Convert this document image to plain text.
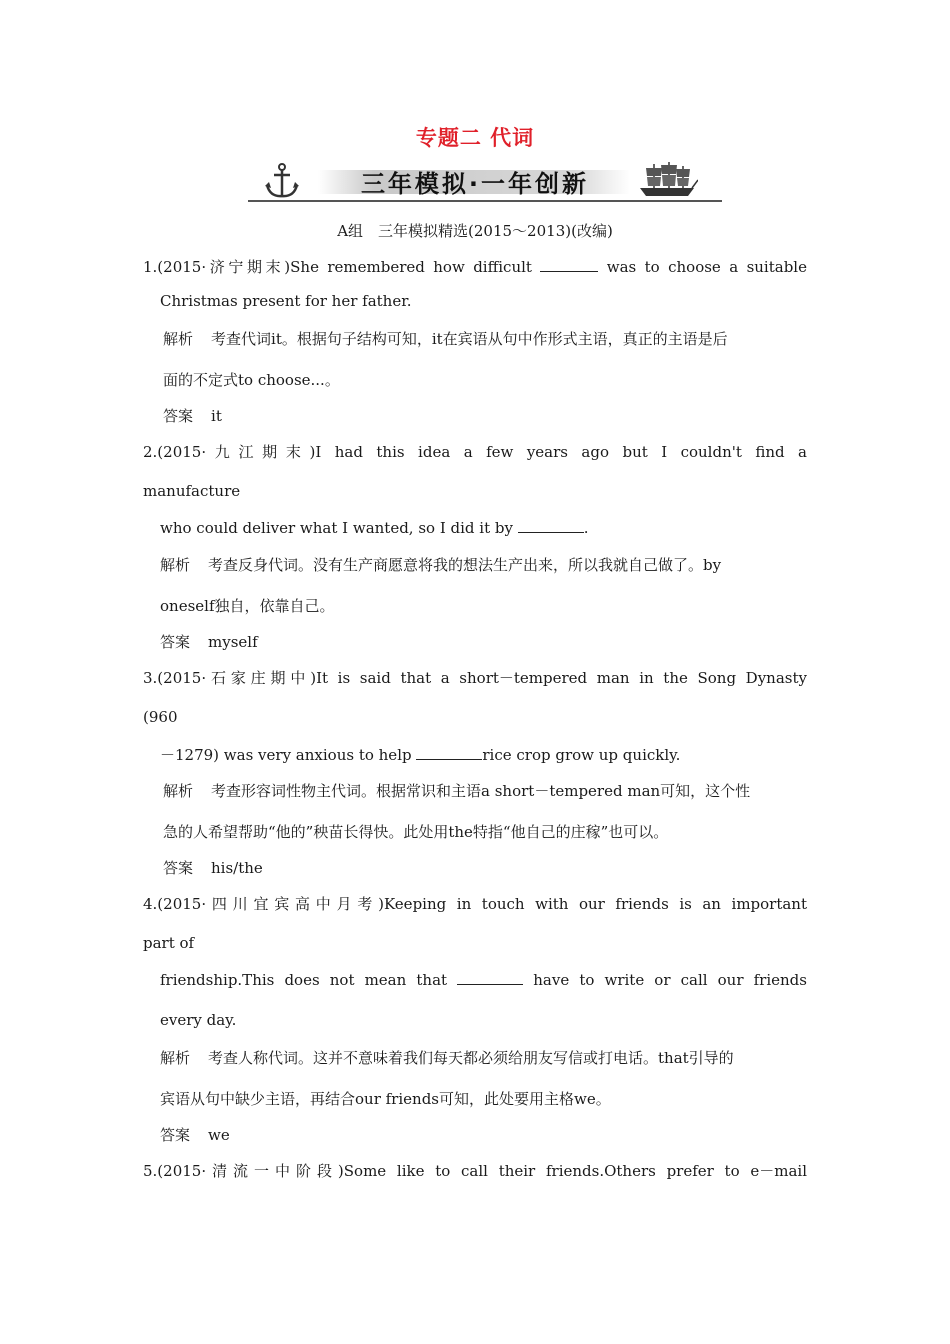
专题二 代词
三年模拟·一年创新
A组　三年模拟精选(2015～2013)(改编)
1.(2015·济宁期末)She remembered how difficult	was to choose a suitable
Christmas present for her father.
解析 考查代词it。根据句子结构可知，it在宾语从句中作形式主语，真正的主语是后
面的不定式to choose...。
答案 it
2.(2015·九江期末)I had this idea a few years ago but I couldn't find a
manufacture
who could deliver what I wanted, so I did it by	.
解析 考查反身代词。没有生产商愿意将我的想法生产出来，所以我就自己做了。by
oneself独自，依靠自己。
答案 myself
3.(2015·石家庄期中)It is said that a short－tempered man in the Song Dynasty
(960
－1279) was very anxious to help	rice crop grow up quickly.
解析 考查形容词性物主代词。根据常识和主语a short－tempered man可知，这个性
急的人希望帮助“他的”秧苗长得快。此处用the特指“他自己的庄稼”也可以。
答案 his/the
4.(2015·四川宜宾高中月考)Keeping in touch with our friends is an important
part of
friendship.This does not mean that	have to write or call our friends
every day.
解析 考查人称代词。这并不意味着我们每天都必须给朋友写信或打电话。that引导的
宾语从句中缺少主语，再结合our friends可知，此处要用主格we。
答案 we
5.(2015·清流一中阶段)Some like to call their friends.Others prefer to e－mail
